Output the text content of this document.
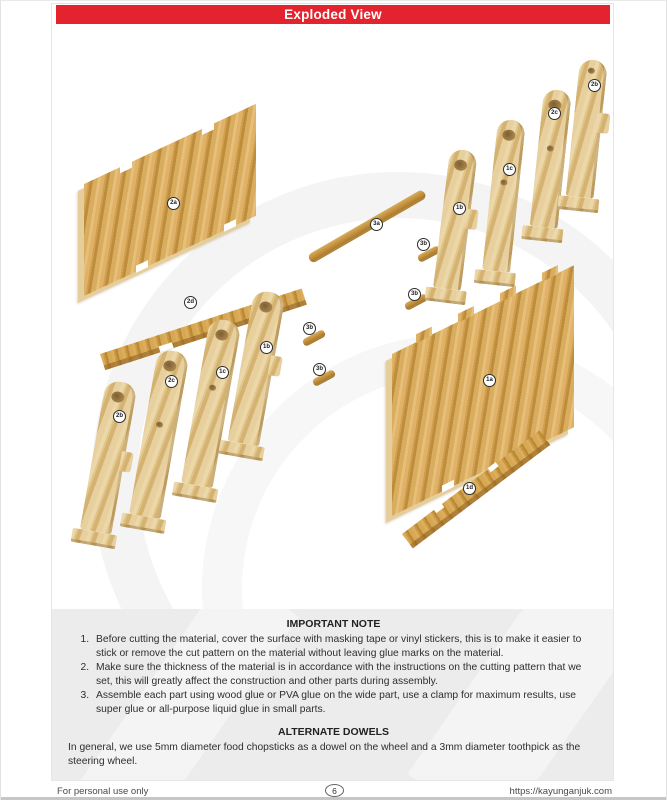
Exploded View
2a
2d
2b
2c
1c
1b
3a
3b
3b
3b
3b
1b
1c
2c
2b
1a
1d

IMPORTANT NOTE

1. Before cutting the material, cover the surface with masking tape or vinyl stickers, this is to make it easier to stick or remove the cut pattern on the material without leaving glue marks on the material.
2. Make sure the thickness of the material is in accordance with the instructions on the cutting pattern that we set, this will greatly affect the construction and other parts during assembly.
3. Assemble each part using wood glue or PVA glue on the wide part, use a clamp for maximum results, use super glue or all-purpose liquid glue in small parts.

ALTERNATE DOWELS

In general, we use 5mm diameter food chopsticks as a dowel on the wheel and a 3mm diameter toothpick as the steering wheel.

For personal use only	6	https://kayunganjuk.com
